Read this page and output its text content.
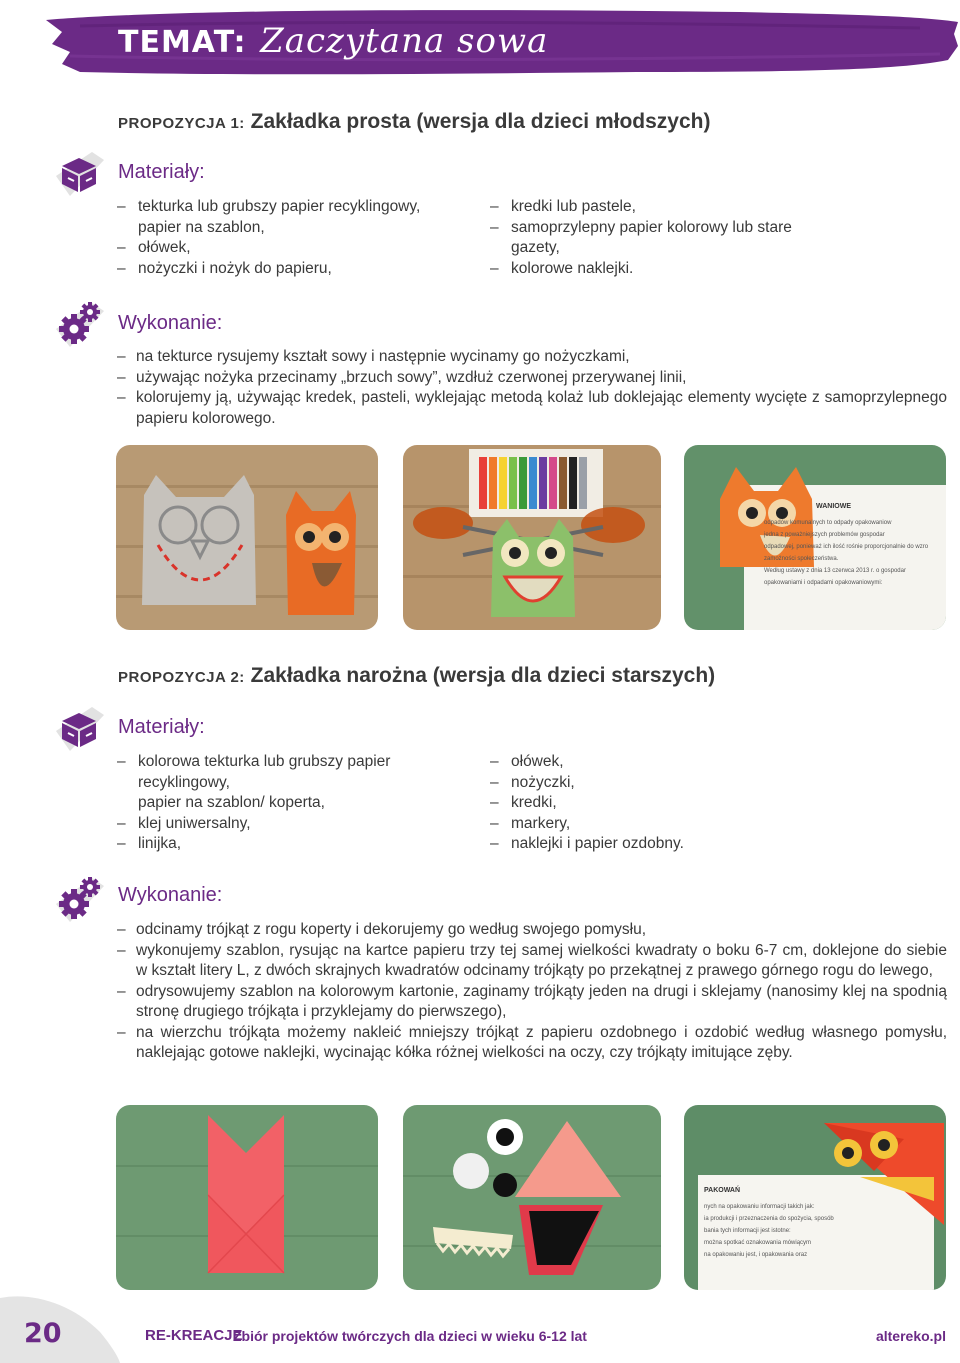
TEMAT: Zaczytana sowa
PROPOZYCJA 1: Zakładka prosta (wersja dla dzieci młodszych)
Materiały:
– tekturka lub grubszy papier recyklingowy,
papier na szablon,
– ołówek,
– nożyczki i nożyk do papieru,
– kredki lub pastele,
– samoprzylepny papier kolorowy lub stare
gazety,
– kolorowe naklejki.
Wykonanie:
– na tekturce rysujemy kształt sowy i następnie wycinamy go nożyczkami,
– używając nożyka przecinamy „brzuch sowy”, wzdłuż czerwonej przerywanej linii,
– kolorujemy ją, używając kredek, pasteli, wyklejając metodą kolaż lub doklejając elementy wycięte z samoprzylepnego papieru kolorowego.
WANIOWE
odpadów komunalnych to odpady opakowaniow
jedna z poważniejszych problemów gospodar
odpadowej, ponieważ ich ilość rośnie proporcjonalnie do wzro
zamożności społeczeństwa.
Według ustawy z dnia 13 czerwca 2013 r. o gospodar
opakowaniami i odpadami opakowaniowymi:
PROPOZYCJA 2: Zakładka narożna (wersja dla dzieci starszych)
Materiały:
– kolorowa tekturka lub grubszy papier
recyklingowy,
papier na szablon/ koperta,
– klej uniwersalny,
– linijka,
– ołówek,
– nożyczki,
– kredki,
– markery,
– naklejki i papier ozdobny.
Wykonanie:
– odcinamy trójkąt z rogu koperty i dekorujemy go według swojego pomysłu,
– wykonujemy szablon, rysując na kartce papieru trzy tej samej wielkości kwadraty o boku 6-7 cm, doklejone do siebie w kształt litery L, z dwóch skrajnych kwadratów odcinamy trójkąty po przekątnej z prawego górnego rogu do lewego,
– odrysowujemy szablon na kolorowym kartonie, zaginamy trójkąty jeden na drugi i sklejamy (nanosimy klej na spodnią stronę drugiego trójkąta i przyklejamy do pierwszego),
– na wierzchu trójkąta możemy nakleić mniejszy trójkąt z papieru ozdobnego i ozdobić według własnego pomysłu, naklejając gotowe naklejki, wycinając kółka różnej wielkości na oczy, czy trójkąty imitujące zęby.
PAKOWAŃ
nych na opakowaniu informacji takich jak:
ia produkcji i przeznaczenia do spożycia, sposób
bania tych informacji jest istotne:
można spotkać oznakowania mówiącym
na opakowaniu jest, i opakowania oraz
20	RE-KREACJE
Zbiór projektów twórczych dla dzieci w wieku 6-12 lat	altereko.pl
